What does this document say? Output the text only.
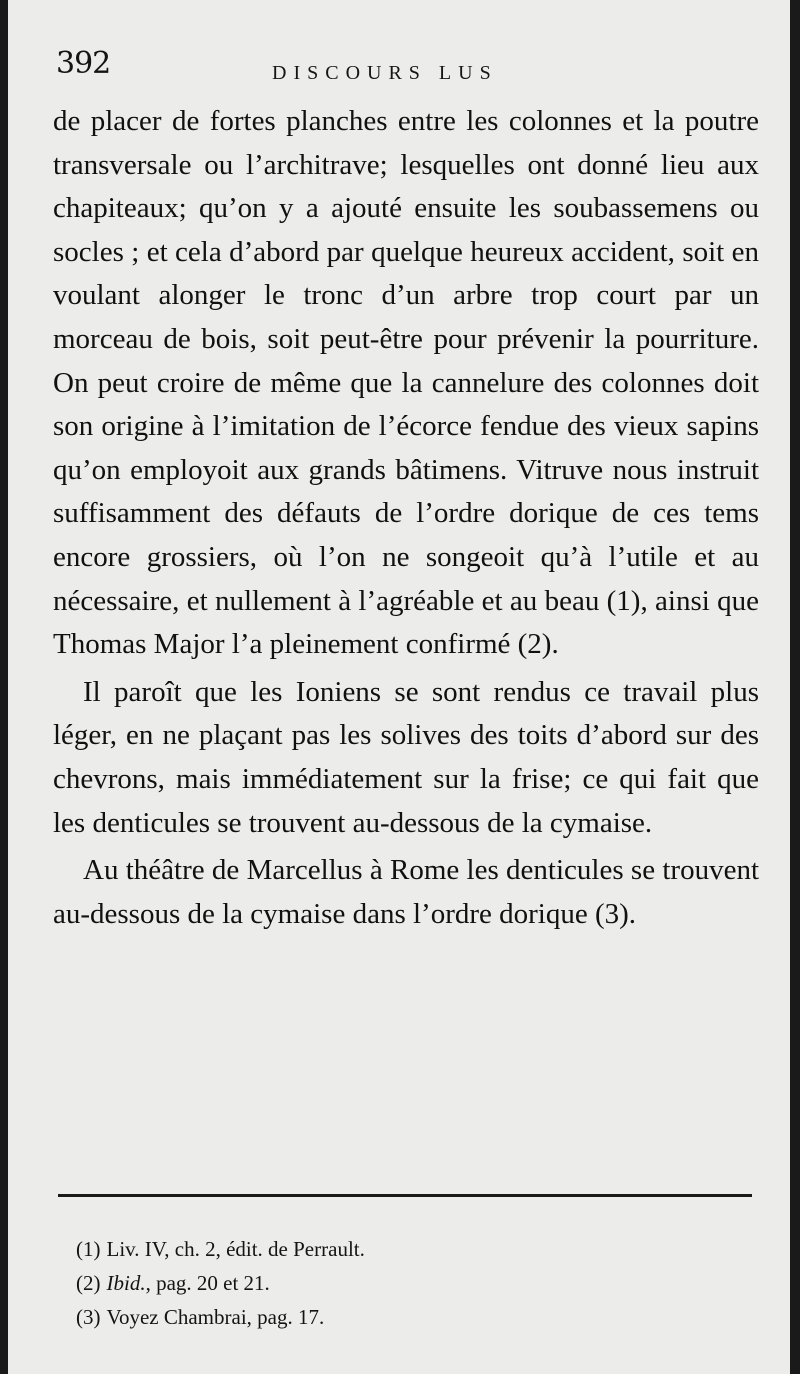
392	DISCOURS LUS

de placer de fortes planches entre les colonnes et la poutre transversale ou l’architrave; lesquelles ont donné lieu aux chapiteaux; qu’on y a ajouté ensuite les soubassemens ou socles ; et cela d’abord par quelque heureux accident, soit en voulant alonger le tronc d’un arbre trop court par un morceau de bois, soit peut-être pour prévenir la pourriture. On peut croire de même que la cannelure des colonnes doit son origine à l’imitation de l’écorce fendue des vieux sapins qu’on employoit aux grands bâtimens. Vitruve nous instruit suffisamment des défauts de l’ordre dorique de ces tems encore grossiers, où l’on ne songeoit qu’à l’utile et au nécessaire, et nullement à l’agréable et au beau (1), ainsi que Thomas Major l’a pleinement confirmé (2).

Il paroît que les Ioniens se sont rendus ce travail plus léger, en ne plaçant pas les solives des toits d’abord sur des chevrons, mais immédiatement sur la frise; ce qui fait que les denticules se trouvent au-dessous de la cymaise.

Au théâtre de Marcellus à Rome les denticules se trouvent au-dessous de la cymaise dans l’ordre dorique (3).

(1) Liv. IV, ch. 2, édit. de Perrault.
(2) Ibid., pag. 20 et 21.
(3) Voyez Chambrai, pag. 17.
